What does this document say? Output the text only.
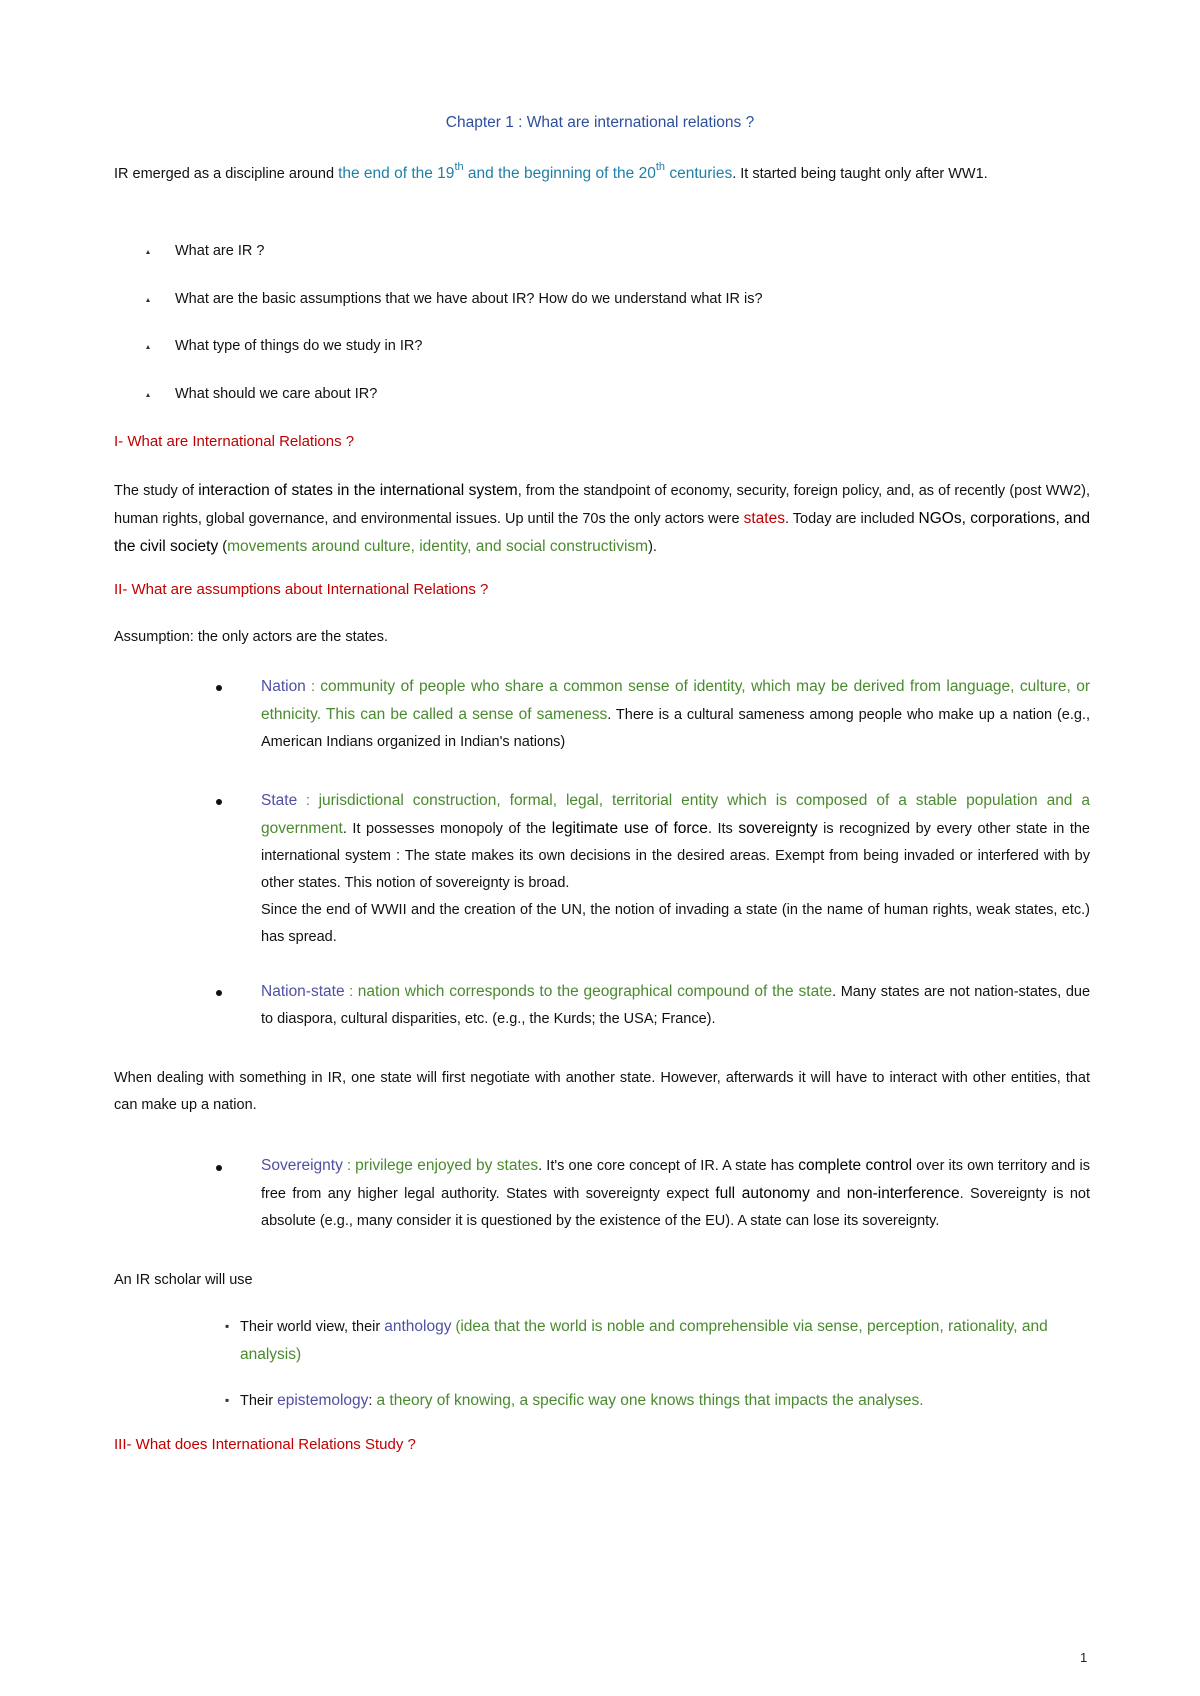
Chapter 1 : What are international relations ?
IR emerged as a discipline around the end of the 19th and the beginning of the 20th centuries. It started being taught only after WW1.
What are IR ?
What are the basic assumptions that we have about IR? How do we understand what IR is?
What type of things do we study in IR?
What should we care about IR?
I- What are International Relations ?
The study of interaction of states in the international system, from the standpoint of economy, security, foreign policy, and, as of recently (post WW2), human rights, global governance, and environmental issues. Up until the 70s the only actors were states. Today are included NGOs, corporations, and the civil society (movements around culture, identity, and social constructivism).
II- What are assumptions about International Relations ?
Assumption: the only actors are the states.
Nation : community of people who share a common sense of identity, which may be derived from language, culture, or ethnicity. This can be called a sense of sameness. There is a cultural sameness among people who make up a nation (e.g., American Indians organized in Indian's nations)
State : jurisdictional construction, formal, legal, territorial entity which is composed of a stable population and a government. It possesses monopoly of the legitimate use of force. Its sovereignty is recognized by every other state in the international system : The state makes its own decisions in the desired areas. Exempt from being invaded or interfered with by other states. This notion of sovereignty is broad.
Since the end of WWII and the creation of the UN, the notion of invading a state (in the name of human rights, weak states, etc.) has spread.
Nation-state : nation which corresponds to the geographical compound of the state. Many states are not nation-states, due to diaspora, cultural disparities, etc. (e.g., the Kurds; the USA; France).
When dealing with something in IR, one state will first negotiate with another state. However, afterwards it will have to interact with other entities, that can make up a nation.
Sovereignty : privilege enjoyed by states. It's one core concept of IR. A state has complete control over its own territory and is free from any higher legal authority. States with sovereignty expect full autonomy and non-interference. Sovereignty is not absolute (e.g., many consider it is questioned by the existence of the EU). A state can lose its sovereignty.
An IR scholar will use
▪ Their world view, their anthology (idea that the world is noble and comprehensible via sense, perception, rationality, and analysis)
▪ Their epistemology: a theory of knowing, a specific way one knows things that impacts the analyses.
III- What does International Relations Study ?
1
